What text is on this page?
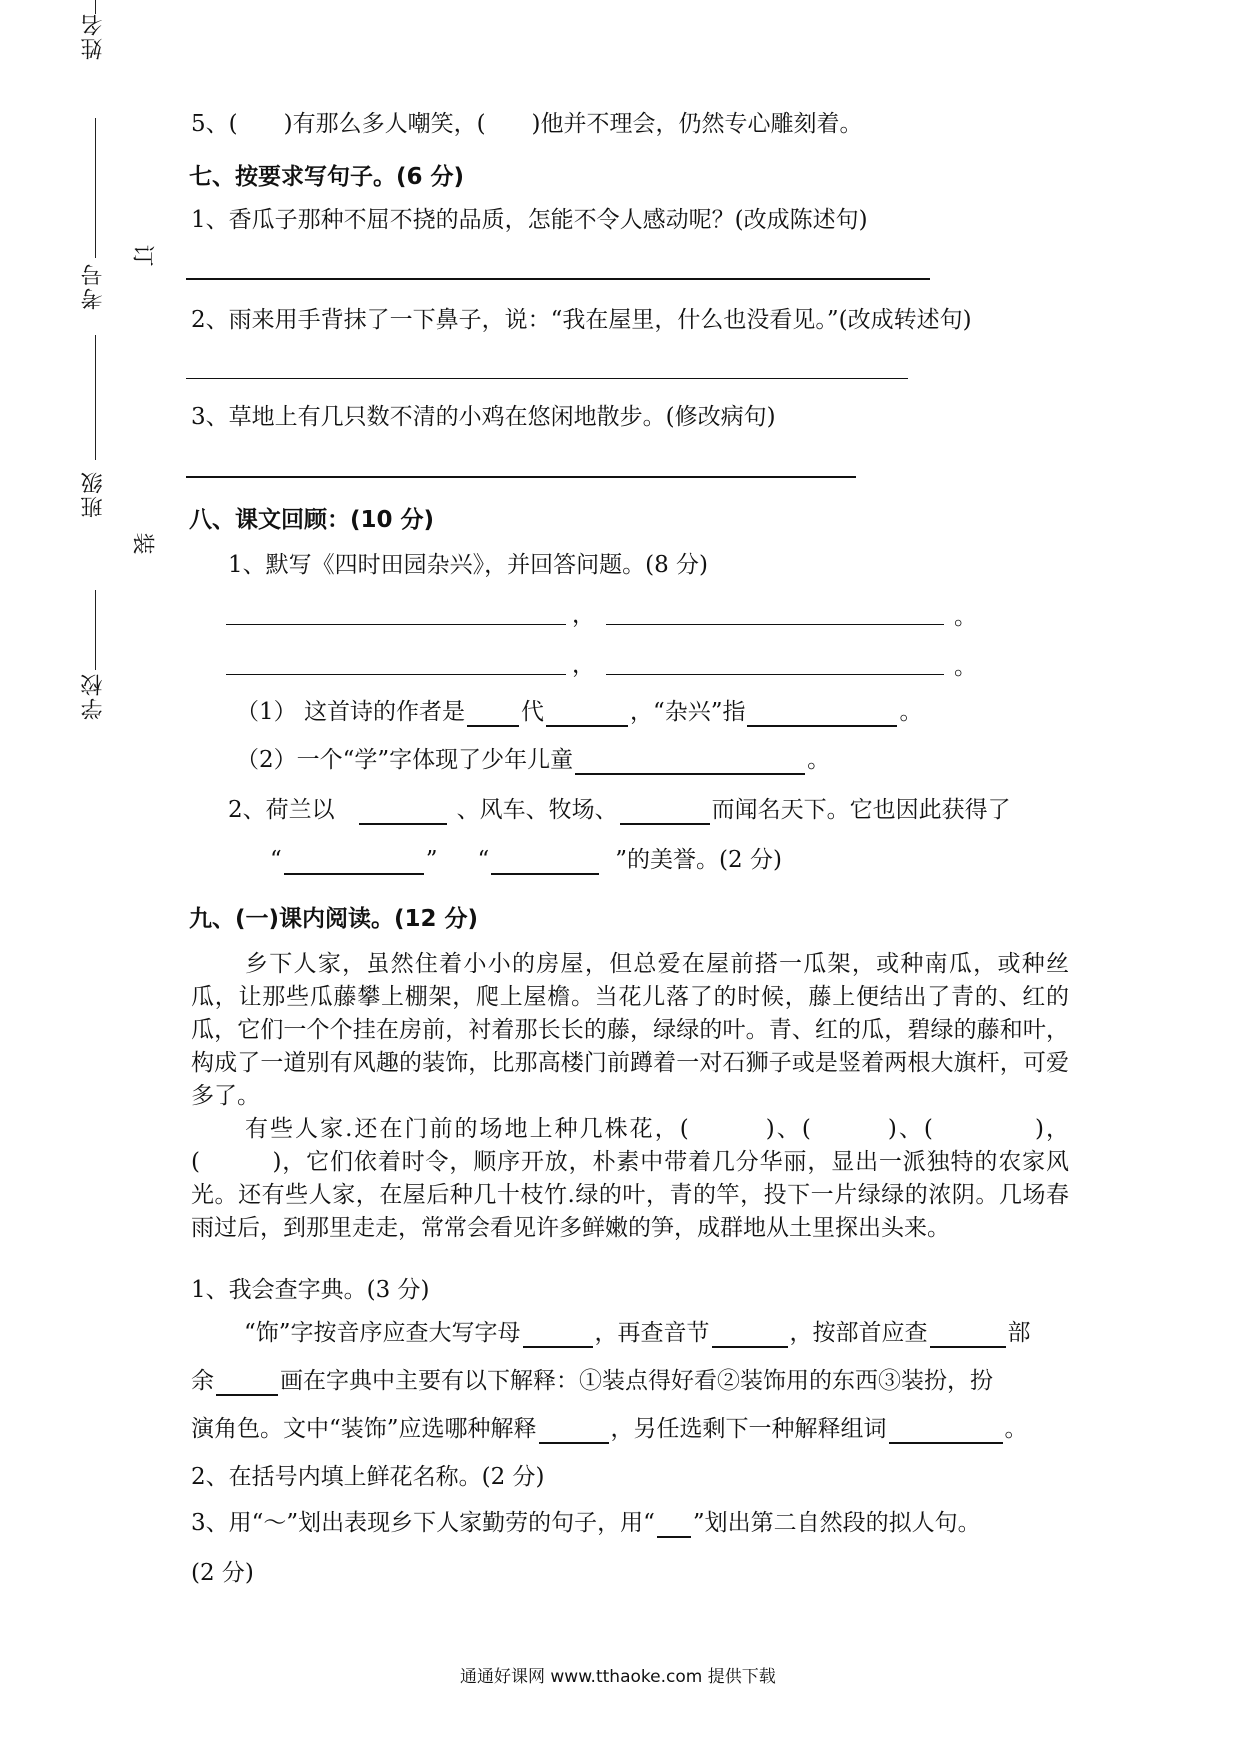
姓名
考号
订
班级
装
学校
5、(　　)有那么多人嘲笑，(　　)他并不理会，仍然专心雕刻着。
七、按要求写句子。(6 分)
1、香瓜子那种不屈不挠的品质，怎能不令人感动呢？(改成陈述句)
2、雨来用手背抹了一下鼻子，说：“我在屋里，什么也没看见。”(改成转述句)
3、草地上有几只数不清的小鸡在悠闲地散步。(修改病句)
八、课文回顾：(10 分)
1、默写《四时田园杂兴》，并回答问题。(8 分)
，	。
，	。
（1） 这首诗的作者是 代	，“杂兴”指	。
（2）一个“学”字体现了少年儿童	。
2、荷兰以	、风车、牧场、	而闻名天下。它也因此获得了
“	” “	”的美誉。(2 分)
九、(一)课内阅读。(12 分)
乡下人家，虽然住着小小的房屋，但总爱在屋前搭一瓜架，或种南瓜，或种丝瓜，让那些瓜藤攀上棚架，爬上屋檐。当花儿落了的时候，藤上便结出了青的、红的瓜，它们一个个挂在房前，衬着那长长的藤，绿绿的叶。青、红的瓜，碧绿的藤和叶，构成了一道别有风趣的装饰，比那高楼门前蹲着一对石狮子或是竖着两根大旗杆，可爱多了。
有些人家.还在门前的场地上种几株花，(　　　)、(　　　)、(　　　　)，(　　　)，它们依着时令，顺序开放，朴素中带着几分华丽，显出一派独特的农家风光。还有些人家，在屋后种几十枝竹.绿的叶，青的竿，投下一片绿绿的浓阴。几场春雨过后，到那里走走，常常会看见许多鲜嫩的笋，成群地从土里探出头来。
1、我会查字典。(3 分)
“饰”字按音序应查大写字母	，再查音节	，按部首应查	部
余	画在字典中主要有以下解释：①装点得好看②装饰用的东西③装扮，扮
演角色。文中“装饰”应选哪种解释	，另任选剩下一种解释组词	。
2、在括号内填上鲜花名称。(2 分)
3、用“～”划出表现乡下人家勤劳的句子，用“ ”划出第二自然段的拟人句。
(2 分)
通通好课网 www.tthaoke.com 提供下载
